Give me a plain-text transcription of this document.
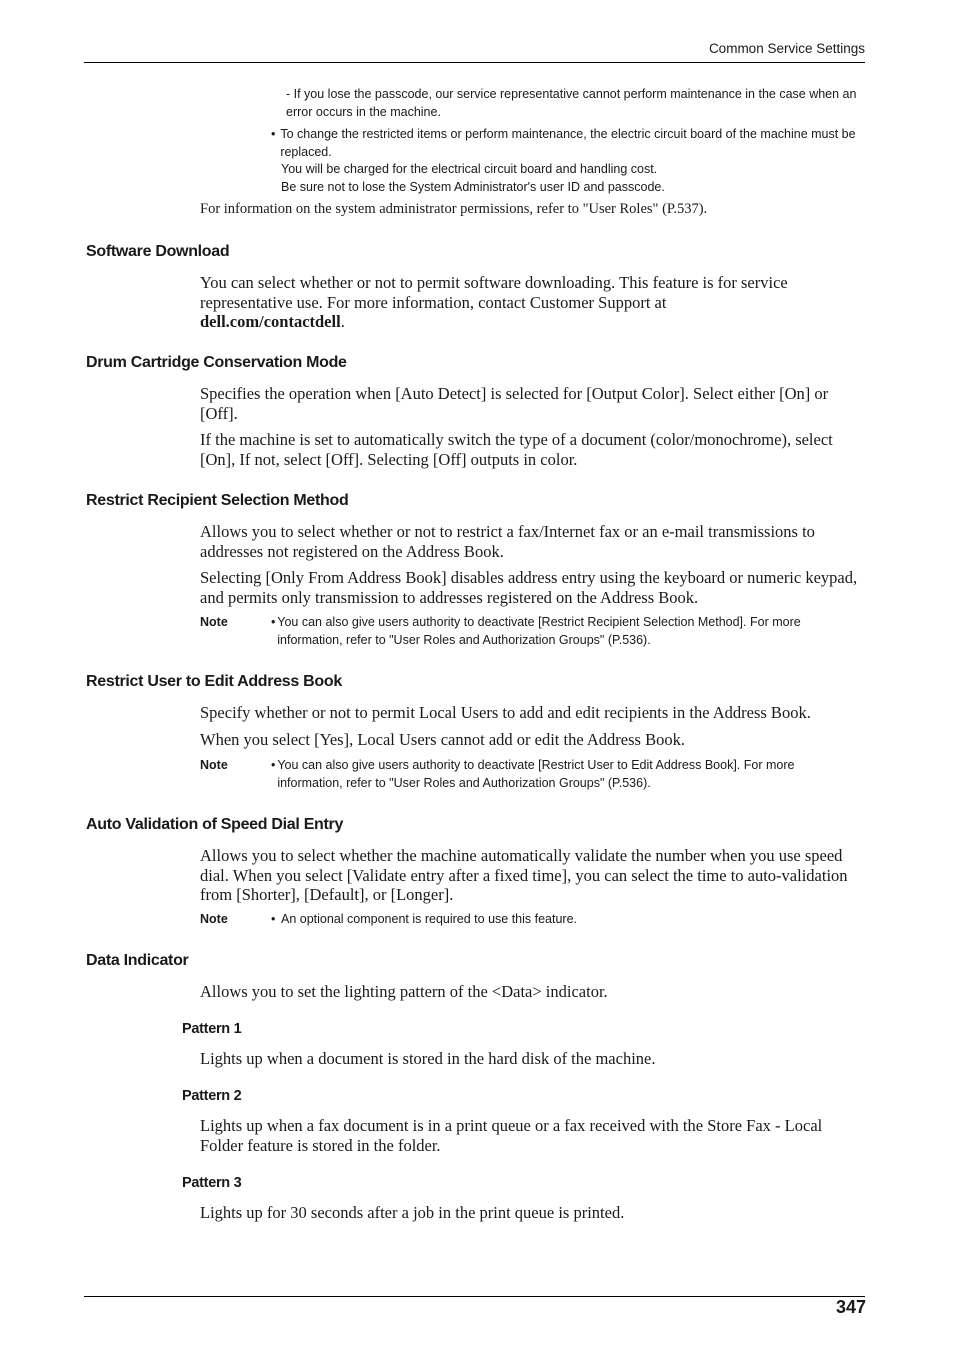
Common Service Settings
- If you lose the passcode, our service representative cannot perform maintenance in the case when an error occurs in the machine.
• To change the restricted items or perform maintenance, the electric circuit board of the machine must be replaced.
You will be charged for the electrical circuit board and handling cost.
Be sure not to lose the System Administrator's user ID and passcode.
For information on the system administrator permissions, refer to "User Roles" (P.537).
Software Download
You can select whether or not to permit software downloading. This feature is for service representative use. For more information, contact Customer Support at
dell.com/contactdell.
Drum Cartridge Conservation Mode
Specifies the operation when [Auto Detect] is selected for [Output Color]. Select either [On] or [Off].
If the machine is set to automatically switch the type of a document (color/monochrome), select [On], If not, select [Off]. Selecting [Off] outputs in color.
Restrict Recipient Selection Method
Allows you to select whether or not to restrict a fax/Internet fax or an e-mail transmissions to addresses not registered on the Address Book.
Selecting [Only From Address Book] disables address entry using the keyboard or numeric keypad, and permits only transmission to addresses registered on the Address Book.
Note	• You can also give users authority to deactivate [Restrict Recipient Selection Method]. For more information, refer to "User Roles and Authorization Groups" (P.536).
Restrict User to Edit Address Book
Specify whether or not to permit Local Users to add and edit recipients in the Address Book.
When you select [Yes], Local Users cannot add or edit the Address Book.
Note	• You can also give users authority to deactivate [Restrict User to Edit Address Book]. For more information, refer to "User Roles and Authorization Groups" (P.536).
Auto Validation of Speed Dial Entry
Allows you to select whether the machine automatically validate the number when you use speed dial. When you select [Validate entry after a fixed time], you can select the time to auto-validation from [Shorter], [Default], or [Longer].
Note	• An optional component is required to use this feature.
Data Indicator
Allows you to set the lighting pattern of the <Data> indicator.
Pattern 1
Lights up when a document is stored in the hard disk of the machine.
Pattern 2
Lights up when a fax document is in a print queue or a fax received with the Store Fax - Local Folder feature is stored in the folder.
Pattern 3
Lights up for 30 seconds after a job in the print queue is printed.
347
